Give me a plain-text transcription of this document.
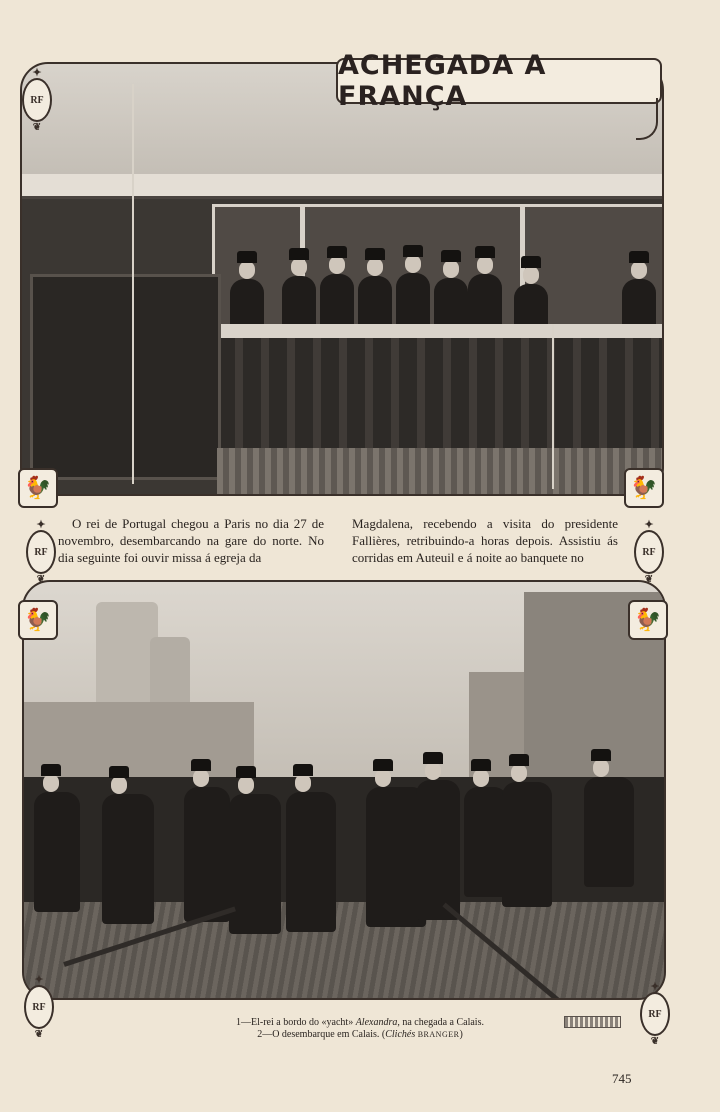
ACHEGADA A FRANÇA
✦ RF
❦
🐓	🐓
O rei de Portugal chegou a Paris no dia 27 de novembro, desembarcando na gare do norte. No dia seguinte foi ouvir missa á egreja da
Magdalena, recebendo a visita do presidente Fallières, retribuindo-a horas depois. Assistiu ás corridas em Auteuil e á noite ao banquete no
✦ RF
❦
✦	RF
❦
🐓	🐓
✦ RF
❦
✦ RF
❦
1—El-rei a bordo do «yacht» Alexandra, na chegada a Calais.
2—O desembarque em Calais. (Clichés BRANGER)
745
